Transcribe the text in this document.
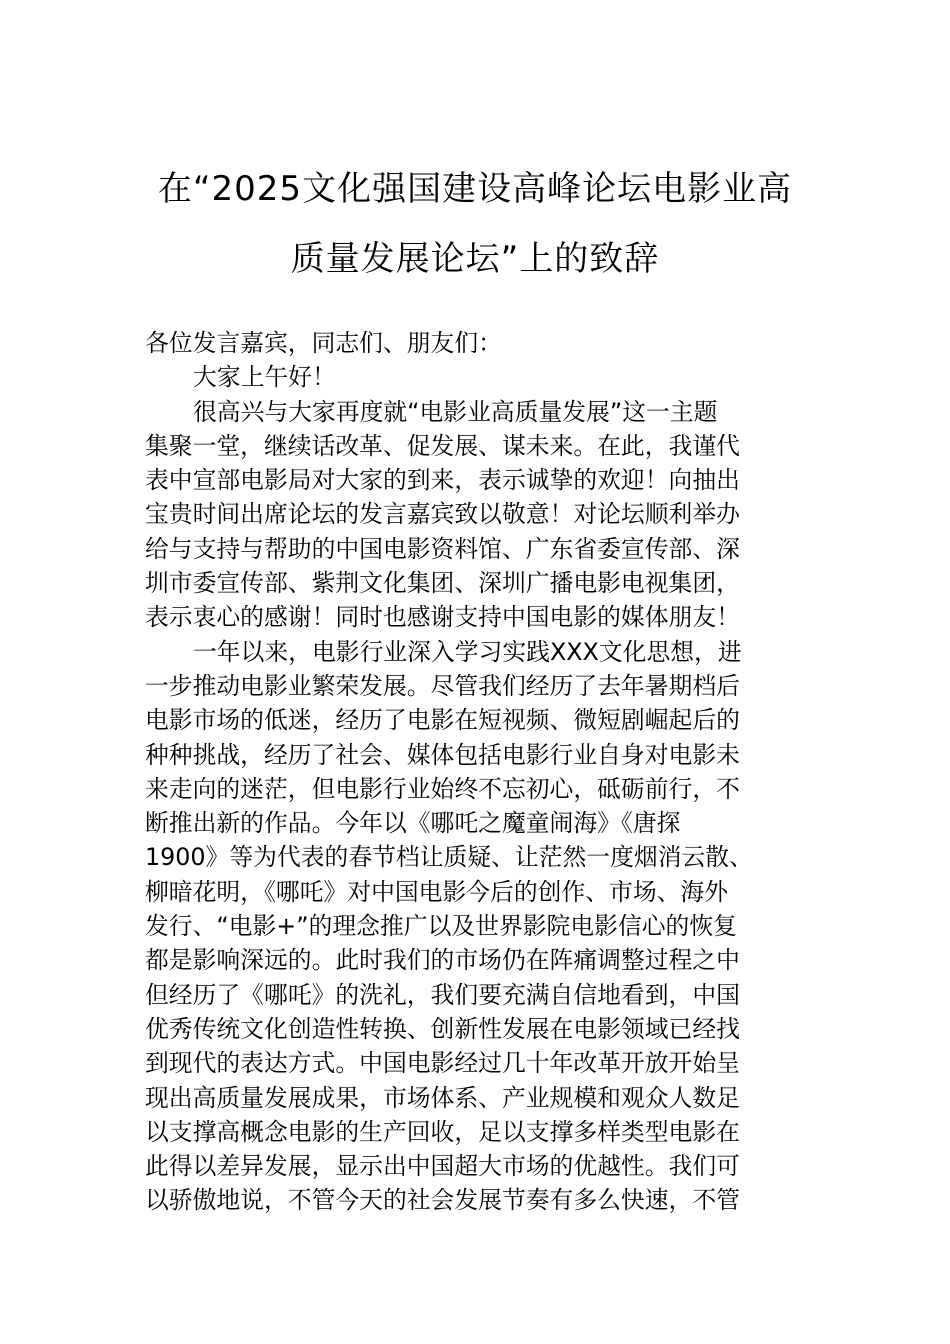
在“2025文化强国建设高峰论坛电影业高
质量发展论坛”上的致辞
各位发言嘉宾，同志们、朋友们：
大家上午好！
很高兴与大家再度就“电影业高质量发展”这一主题
集聚一堂，继续话改革、促发展、谋未来。在此，我谨代
表中宣部电影局对大家的到来，表示诚挚的欢迎！向抽出
宝贵时间出席论坛的发言嘉宾致以敬意！对论坛顺利举办
给与支持与帮助的中国电影资料馆、广东省委宣传部、深
圳市委宣传部、紫荆文化集团、深圳广播电影电视集团，
表示衷心的感谢！同时也感谢支持中国电影的媒体朋友！
一年以来，电影行业深入学习实践XXX文化思想，进
一步推动电影业繁荣发展。尽管我们经历了去年暑期档后
电影市场的低迷，经历了电影在短视频、微短剧崛起后的
种种挑战，经历了社会、媒体包括电影行业自身对电影未
来走向的迷茫，但电影行业始终不忘初心，砥砺前行，不
断推出新的作品。今年以《哪吒之魔童闹海》《唐探
1900》等为代表的春节档让质疑、让茫然一度烟消云散、
柳暗花明，《哪吒》对中国电影今后的创作、市场、海外
发行、“电影+”的理念推广以及世界影院电影信心的恢复
都是影响深远的。此时我们的市场仍在阵痛调整过程之中
但经历了《哪吒》的洗礼，我们要充满自信地看到，中国
优秀传统文化创造性转换、创新性发展在电影领域已经找
到现代的表达方式。中国电影经过几十年改革开放开始呈
现出高质量发展成果，市场体系、产业规模和观众人数足
以支撑高概念电影的生产回收，足以支撑多样类型电影在
此得以差异发展，显示出中国超大市场的优越性。我们可
以骄傲地说，不管今天的社会发展节奏有多么快速，不管
